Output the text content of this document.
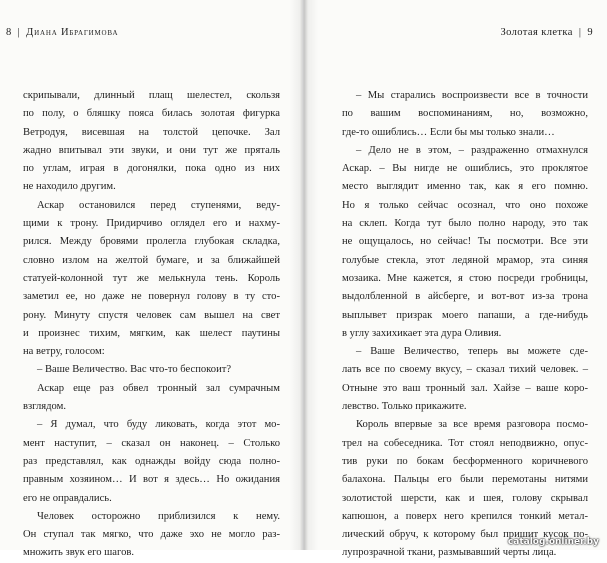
8 | Диана Ибрагимова
скрипывали, длинный плащ шелестел, скользя
по полу, о бляшку пояса билась золотая фигурка
Ветродуя, висевшая на толстой цепочке. Зал
жадно впитывал эти звуки, и они тут же пряталь
по углам, играя в догонялки, пока одно из них
не находило другим.
Аскар остановился перед ступенями, веду-
щими к трону. Придирчиво оглядел его и нахму-
рился. Между бровями пролегла глубокая складка,
словно излом на желтой бумаге, и за ближайшей
статуей-колонной тут же мелькнула тень. Король
заметил ее, но даже не повернул голову в ту сто-
рону. Минуту спустя человек сам вышел на свет
и произнес тихим, мягким, как шелест паутины
на ветру, голосом:
– Ваше Величество. Вас что-то беспокоит?
Аскар еще раз обвел тронный зал сумрачным
взглядом.
– Я думал, что буду ликовать, когда этот мо-
мент наступит, – сказал он наконец. – Столько
раз представлял, как однажды войду сюда полно-
правным хозяином… И вот я здесь… Но ожидания
его не оправдались.
Человек осторожно приблизился к нему.
Он ступал так мягко, что даже эхо не могло раз-
множить звук его шагов.
Золотая клетка | 9
– Мы старались воспроизвести все в точности
по вашим воспоминаниям, но, возможно,
где-то ошиблись… Если бы мы только знали…
– Дело не в этом, – раздраженно отмахнулся
Аскар. – Вы нигде не ошиблись, это проклятое
место выглядит именно так, как я его помню.
Но я только сейчас осознал, что оно похоже
на склеп. Когда тут было полно народу, это так
не ощущалось, но сейчас! Ты посмотри. Все эти
голубые стекла, этот ледяной мрамор, эта синяя
мозаика. Мне кажется, я стою посреди гробницы,
выдолбленной в айсберге, и вот-вот из-за трона
выплывет призрак моего папаши, а где-нибудь
в углу захихикает эта дура Оливия.
– Ваше Величество, теперь вы можете сде-
лать все по своему вкусу, – сказал тихий человек. –
Отныне это ваш тронный зал. Хайзе – ваше коро-
левство. Только прикажите.
Король впервые за все время разговора посмо-
трел на собеседника. Тот стоял неподвижно, опус-
тив руки по бокам бесформенного коричневого
балахона. Пальцы его были перемотаны нитями
золотистой шерсти, как и шея, голову скрывал
капюшон, а поверх него крепился тонкий метал-
лический обруч, к которому был пришит кусок по-
лупрозрачной ткани, размывавший черты лица.
catalog.onliner.by
